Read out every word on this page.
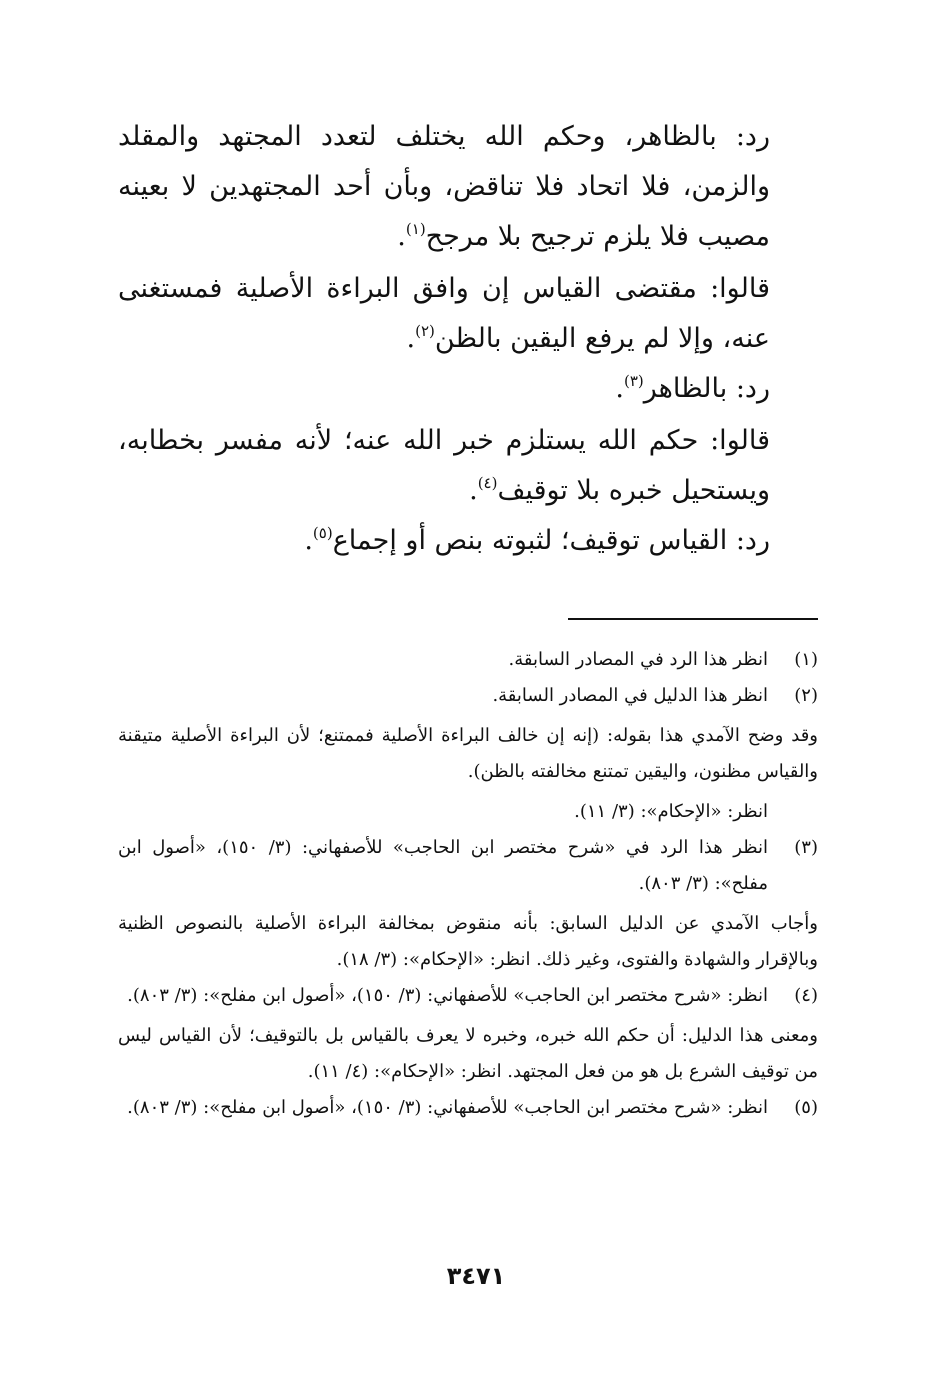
رد: بالظاهر، وحكم الله يختلف لتعدد المجتهد والمقلد والزمن، فلا اتحاد فلا تناقض، وبأن أحد المجتهدين لا بعينه مصيب فلا يلزم ترجيح بلا مرجح$^{(١)}$.

قالوا: مقتضى القياس إن وافق البراءة الأصلية فمستغنى عنه، وإلا لم يرفع اليقين بالظن$^{(٢)}$.

رد: بالظاهر$^{(٣)}$.

قالوا: حكم الله يستلزم خبر الله عنه؛ لأنه مفسر بخطابه، ويستحيل خبره بلا توقيف$^{(٤)}$.

رد: القياس توقيف؛ لثبوته بنص أو إجماع$^{(٥)}$.

(١)
انظر هذا الرد في المصادر السابقة.
(٢)
انظر هذا الدليل في المصادر السابقة.
وقد وضح الآمدي هذا بقوله: (إنه إن خالف البراءة الأصلية فممتنع؛ لأن البراءة الأصلية متيقنة والقياس مظنون، واليقين تمتنع مخالفته بالظن).
انظر: «الإحكام»: (٣/ ١١).
(٣)
انظر هذا الرد في «شرح مختصر ابن الحاجب» للأصفهاني: (٣/ ١٥٠)، «أصول ابن مفلح»: (٣/ ٨٠٣).
وأجاب الآمدي عن الدليل السابق: بأنه منقوض بمخالفة البراءة الأصلية بالنصوص الظنية وبالإقرار والشهادة والفتوى، وغير ذلك. انظر: «الإحكام»: (٣/ ١٨).
(٤)
انظر: «شرح مختصر ابن الحاجب» للأصفهاني: (٣/ ١٥٠)، «أصول ابن مفلح»: (٣/ ٨٠٣).
ومعنى هذا الدليل: أن حكم الله خبره، وخبره لا يعرف بالقياس بل بالتوقيف؛ لأن القياس ليس من توقيف الشرع بل هو من فعل المجتهد. انظر: «الإحكام»: (٤/ ١١).
(٥)
انظر: «شرح مختصر ابن الحاجب» للأصفهاني: (٣/ ١٥٠)، «أصول ابن مفلح»: (٣/ ٨٠٣).
٣٤٧١
